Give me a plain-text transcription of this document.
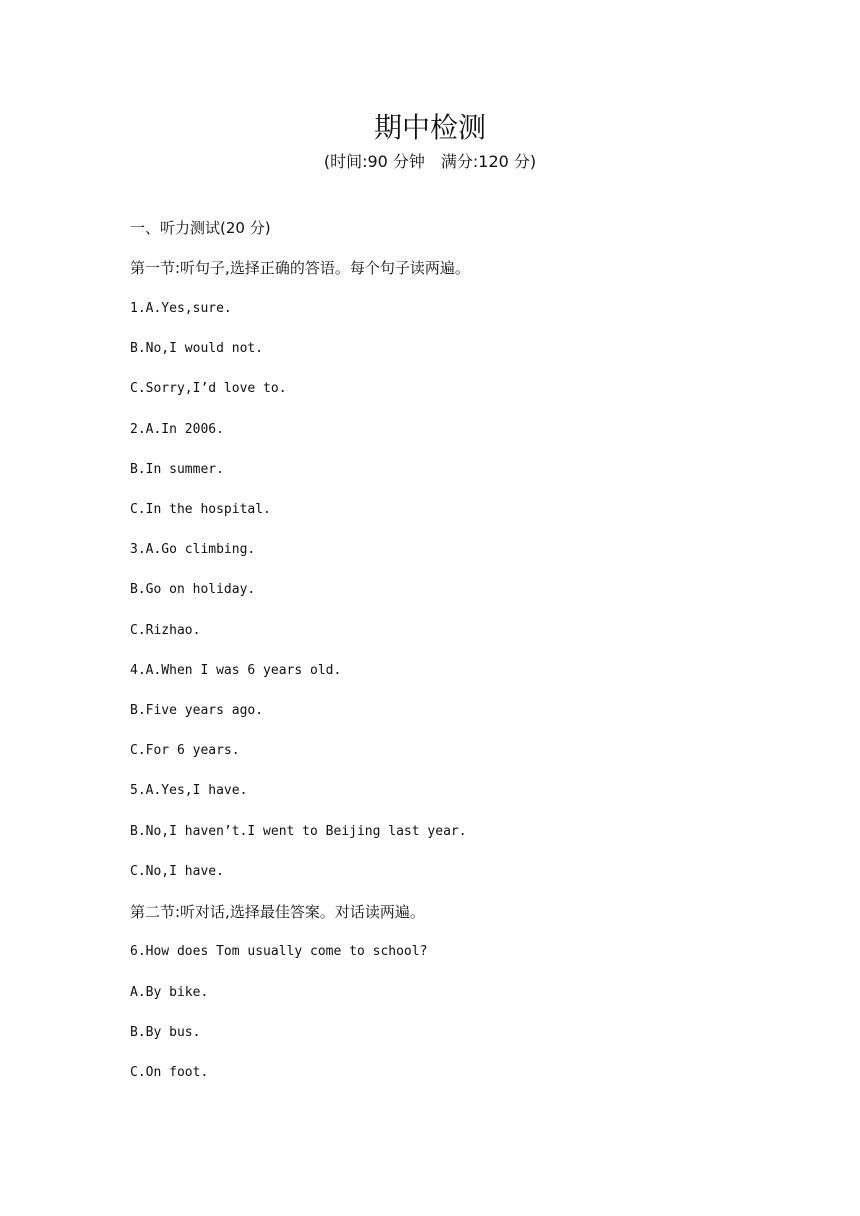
期中检测
(时间:90 分钟　满分:120 分)
一、听力测试(20 分)
第一节:听句子,选择正确的答语。每个句子读两遍。
1.A.Yes,sure.
B.No,I would not.
C.Sorry,I’d love to.
2.A.In 2006.
B.In summer.
C.In the hospital.
3.A.Go climbing.
B.Go on holiday.
C.Rizhao.
4.A.When I was 6 years old.
B.Five years ago.
C.For 6 years.
5.A.Yes,I have.
B.No,I haven’t.I went to Beijing last year.
C.No,I have.
第二节:听对话,选择最佳答案。对话读两遍。
6.How does Tom usually come to school?
A.By bike.
B.By bus.
C.On foot.
